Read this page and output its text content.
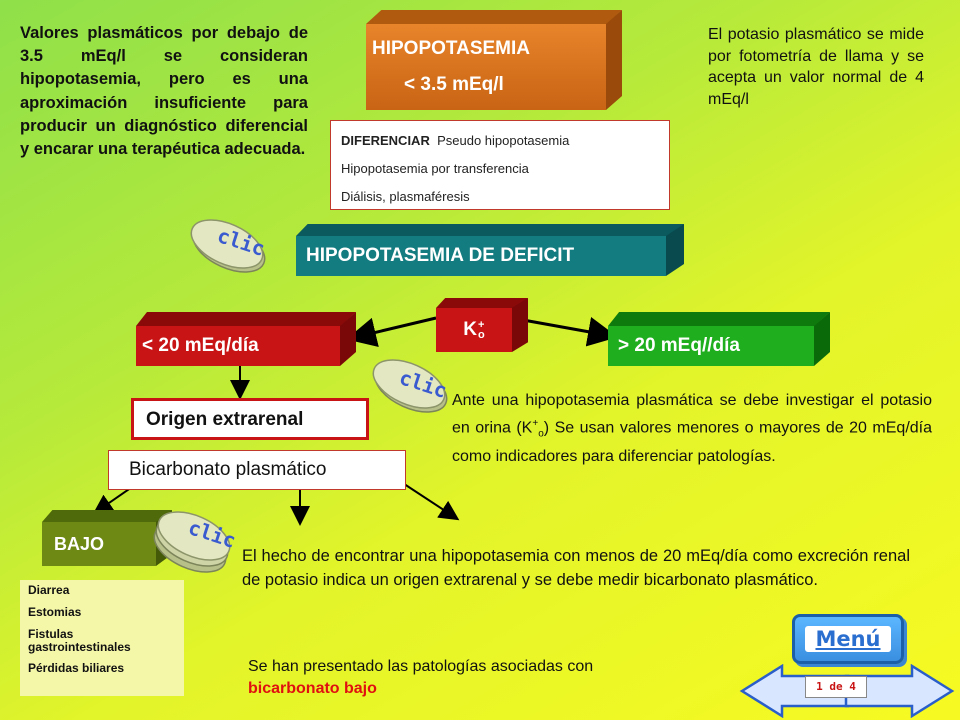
Valores plasmáticos por debajo de 3.5 mEq/l se consideran hipopotasemia, pero es una aproximación insuficiente para producir un diagnóstico diferencial y encarar una terapéutica adecuada.
El potasio plasmático se mide por fotometría de llama y se acepta un valor normal de 4 mEq/l
HIPOPOTASEMIA
< 3.5 mEq/l
DIFERENCIAR Pseudo hipopotasemia
Hipopotasemia por transferencia
Diálisis, plasmaféresis
HIPOPOTASEMIA DE DEFICIT
K +
o
< 20 mEq/día	> 20 mEq//día
Origen extrarenal
Bicarbonato plasmático
BAJO
Diarrea
Estomias
Fistulas gastrointestinales
Pérdidas biliares
Ante una hipopotasemia plasmática se debe investigar el potasio en orina $(K^+_o)$ Se usan valores menores o mayores de 20 mEq/día como indicadores para diferenciar patologías.
El hecho de encontrar una hipopotasemia con menos de 20 mEq/día como excreción renal de potasio indica un origen extrarenal y se debe medir bicarbonato plasmático.
Se han presentado las patologías asociadas con
bicarbonato bajo
clic
clic
clic
Menú
1 de 4
